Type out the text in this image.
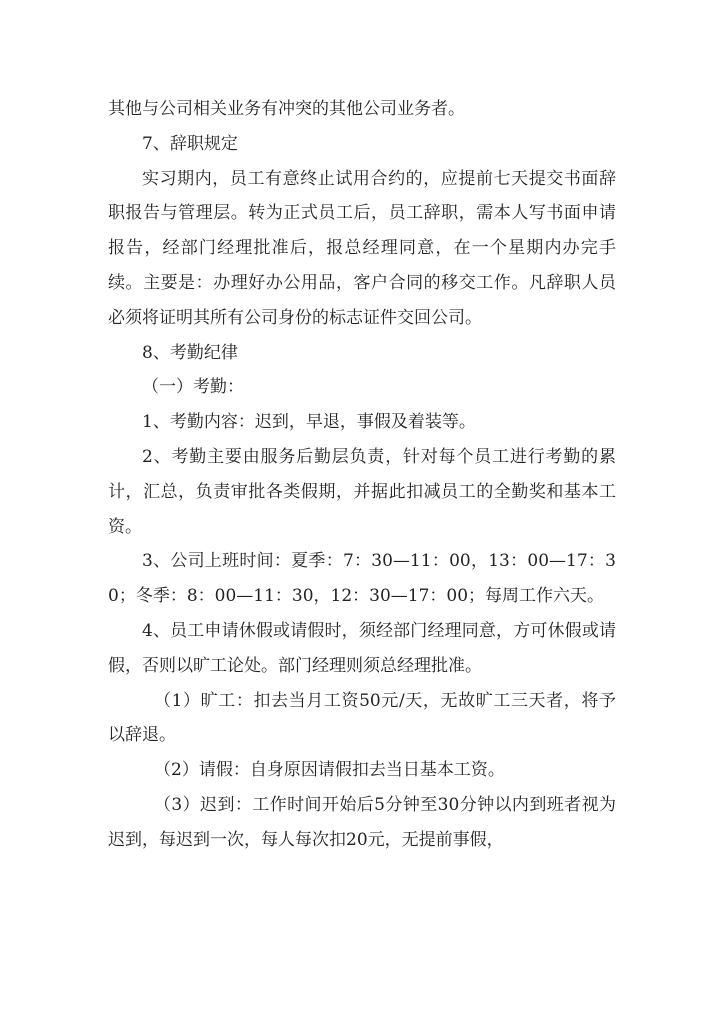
其他与公司相关业务有冲突的其他公司业务者。

7、辞职规定

实习期内，员工有意终止试用合约的，应提前七天提交书面辞职报告与管理层。转为正式员工后，员工辞职，需本人写书面申请报告，经部门经理批准后，报总经理同意，在一个星期内办完手续。主要是：办理好办公用品，客户合同的移交工作。凡辞职人员必须将证明其所有公司身份的标志证件交回公司。

8、考勤纪律

（一）考勤：

1、考勤内容：迟到，早退，事假及着装等。

2、考勤主要由服务后勤层负责，针对每个员工进行考勤的累计，汇总，负责审批各类假期，并据此扣减员工的全勤奖和基本工资。

3、公司上班时间：夏季：7：30—11：00，13：00—17：30；冬季：8：00—11：30，12：30—17：00；每周工作六天。

4、员工申请休假或请假时，须经部门经理同意，方可休假或请假，否则以旷工论处。部门经理则须总经理批准。

（1）旷工：扣去当月工资50元/天，无故旷工三天者，将予以辞退。

（2）请假：自身原因请假扣去当日基本工资。

（3）迟到：工作时间开始后5分钟至30分钟以内到班者视为迟到，每迟到一次，每人每次扣20元，无提前事假，
